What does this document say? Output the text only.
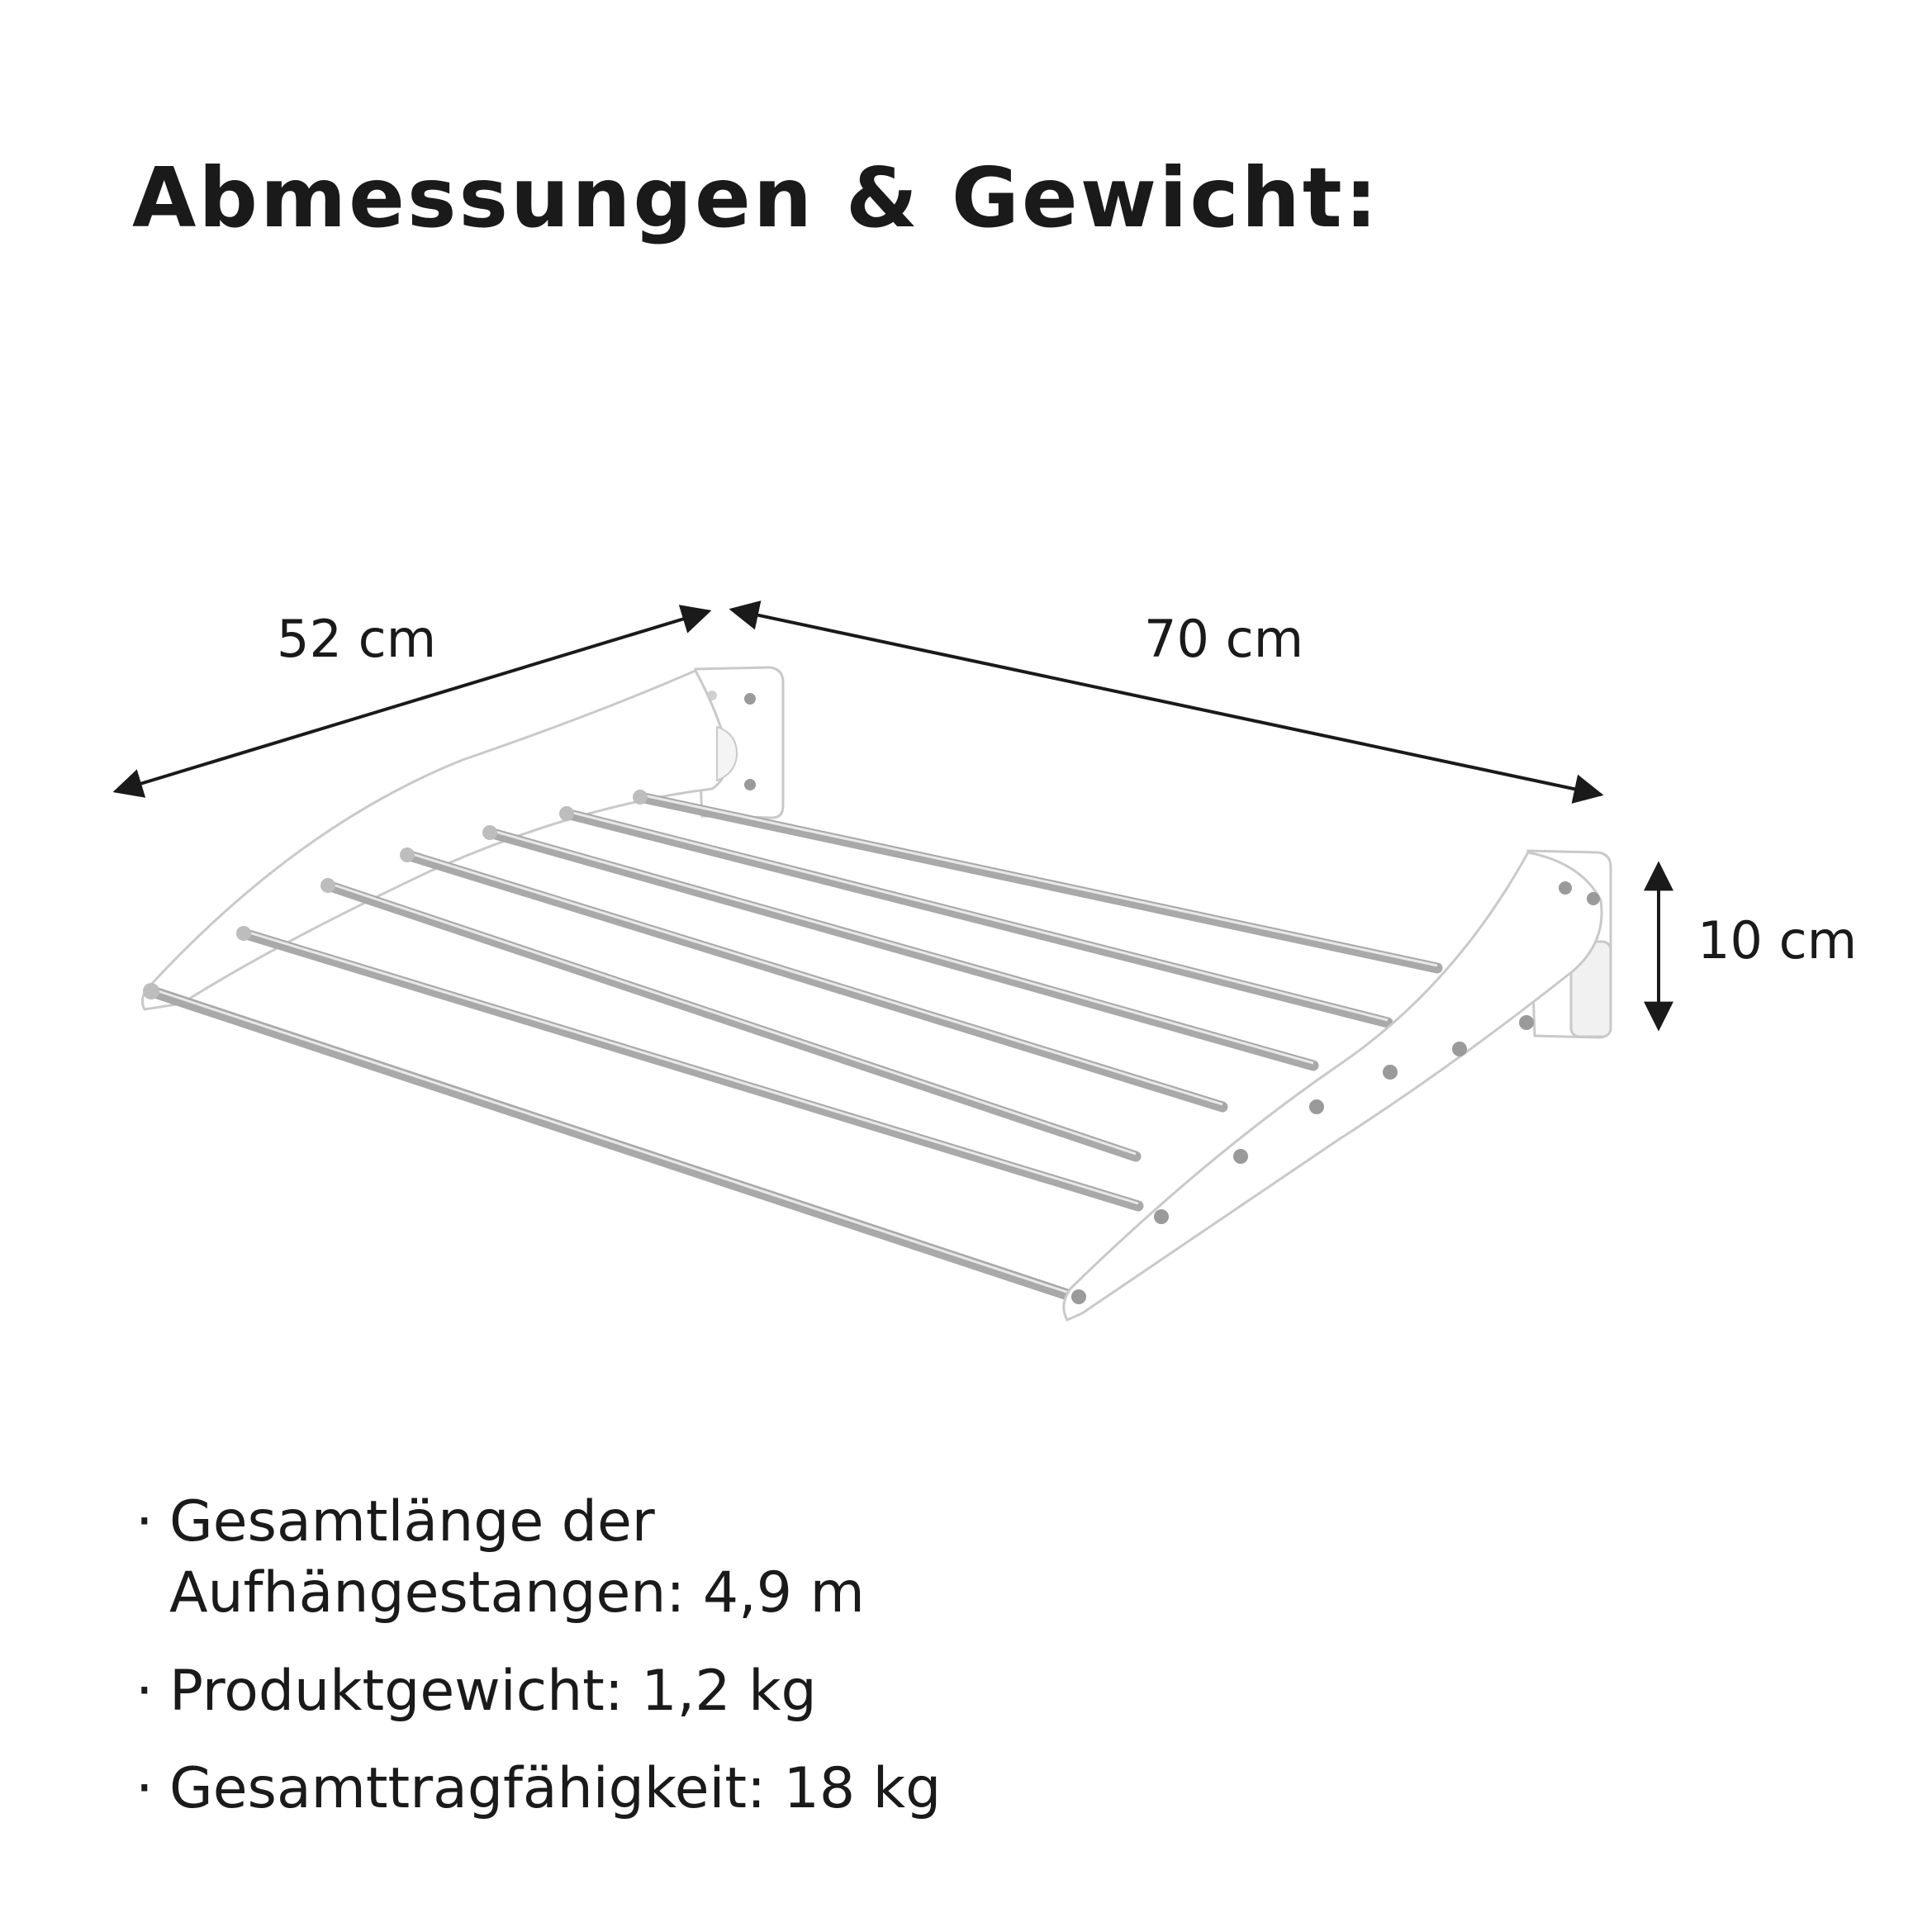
Abmessungen & Gewicht:
52 cm	70 cm
10 cm
· Gesamtlänge der
Aufhängestangen: 4,9 m
· Produktgewicht: 1,2 kg
· Gesamttragfähigkeit: 18 kg
